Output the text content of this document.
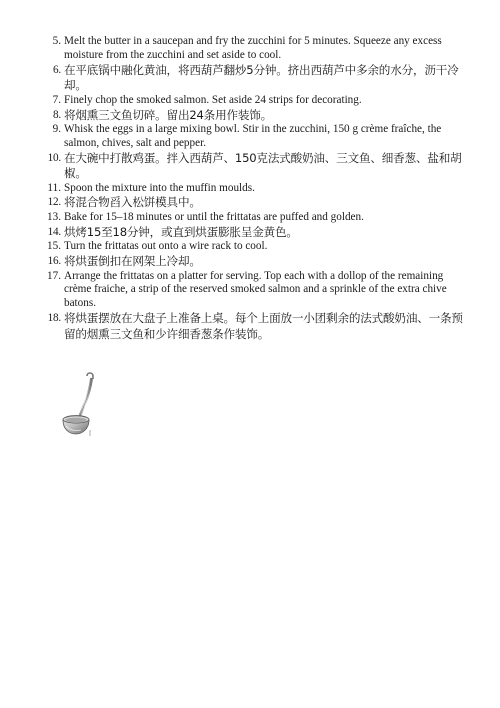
5. Melt the butter in a saucepan and fry the zucchini for 5 minutes. Squeeze any excess moisture from the zucchini and set aside to cool.
6. 在平底锅中融化黄油，将西葫芦翻炒5分钟。挤出西葫芦中多余的水分，沥干冷却。
7. Finely chop the smoked salmon. Set aside 24 strips for decorating.
8. 将烟熏三文鱼切碎。留出24条用作装饰。
9. Whisk the eggs in a large mixing bowl. Stir in the zucchini, 150 g crème fraîche, the salmon, chives, salt and pepper.
10. 在大碗中打散鸡蛋。拌入西葫芦、150克法式酸奶油、三文鱼、细香葱、盐和胡椒。
11. Spoon the mixture into the muffin moulds.
12. 将混合物舀入松饼模具中。
13. Bake for 15–18 minutes or until the frittatas are puffed and golden.
14. 烘烤15至18分钟，或直到烘蛋膨胀呈金黄色。
15. Turn the frittatas out onto a wire rack to cool.
16. 将烘蛋倒扣在网架上冷却。
17. Arrange the frittatas on a platter for serving. Top each with a dollop of the remaining crème fraiche, a strip of the reserved smoked salmon and a sprinkle of the extra chive batons.
18. 将烘蛋摆放在大盘子上准备上桌。每个上面放一小团剩余的法式酸奶油、一条预留的烟熏三文鱼和少许细香葱条作装饰。
